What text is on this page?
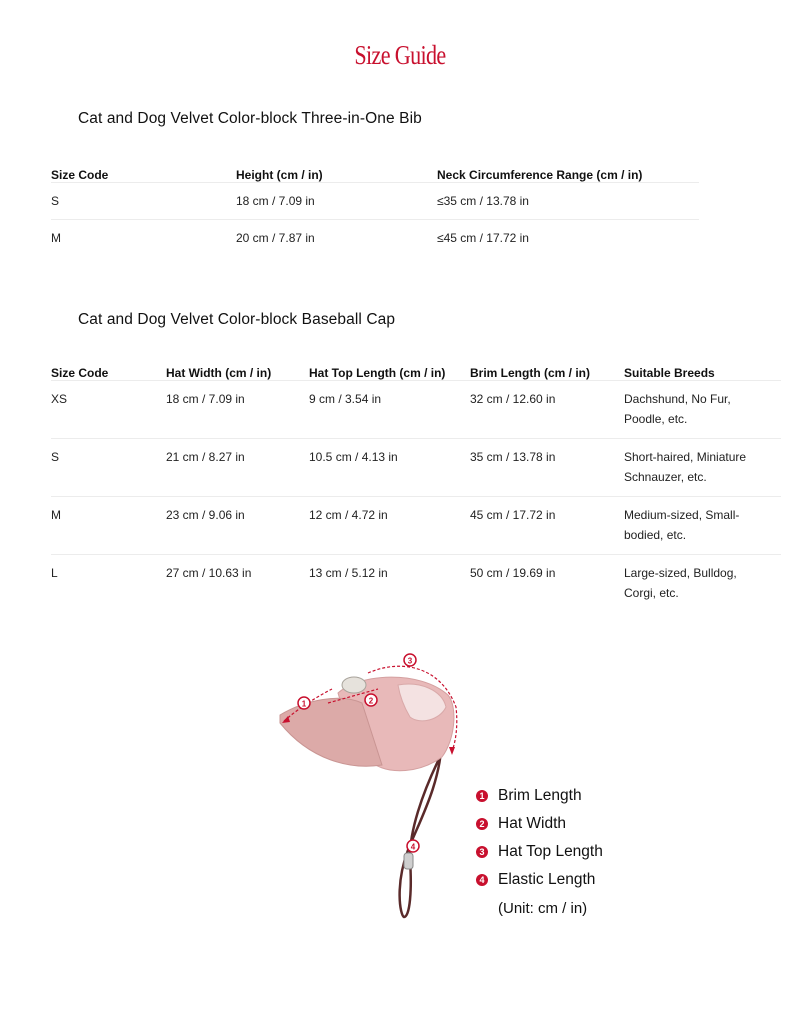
Size Guide
Cat and Dog Velvet Color-block Three-in-One Bib
Size Code	Height (cm / in)	Neck Circumference Range (cm / in)
S	18 cm / 7.09 in	≤35 cm / 13.78 in
M	20 cm / 7.87 in	≤45 cm / 17.72 in
Cat and Dog Velvet Color-block Baseball Cap
Size Code	Hat Width (cm / in)	Hat Top Length (cm / in)	Brim Length (cm / in)	Suitable Breeds
XS	18 cm / 7.09 in	9 cm / 3.54 in	32 cm / 12.60 in	Dachshund, No Fur, Poodle, etc.
S	21 cm / 8.27 in	10.5 cm / 4.13 in	35 cm / 13.78 in	Short-haired, Miniature Schnauzer, etc.
M	23 cm / 9.06 in	12 cm / 4.72 in	45 cm / 17.72 in	Medium-sized, Small-bodied, etc.
L	27 cm / 10.63 in	13 cm / 5.12 in	50 cm / 19.69 in	Large-sized, Bulldog, Corgi, etc.
1	2
3
4
1 Brim Length
2 Hat Width
3 Hat Top Length
4 Elastic Length
(Unit: cm / in)
